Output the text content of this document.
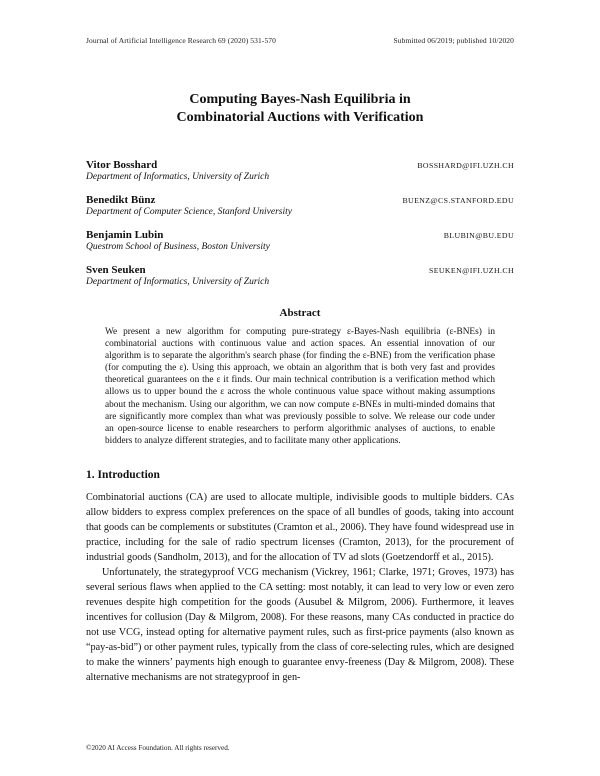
Journal of Artificial Intelligence Research 69 (2020) 531-570	Submitted 06/2019; published 10/2020
Computing Bayes-Nash Equilibria in
Combinatorial Auctions with Verification
Vitor Bosshard	BOSSHARD@IFI.UZH.CH
Department of Informatics, University of Zurich
Benedikt Bünz	BUENZ@CS.STANFORD.EDU
Department of Computer Science, Stanford University
Benjamin Lubin	BLUBIN@BU.EDU
Questrom School of Business, Boston University
Sven Seuken	SEUKEN@IFI.UZH.CH
Department of Informatics, University of Zurich
Abstract
We present a new algorithm for computing pure-strategy ε-Bayes-Nash equilibria (ε-BNEs) in combinatorial auctions with continuous value and action spaces. An essential innovation of our algorithm is to separate the algorithm's search phase (for finding the ε-BNE) from the verification phase (for computing the ε). Using this approach, we obtain an algorithm that is both very fast and provides theoretical guarantees on the ε it finds. Our main technical contribution is a verification method which allows us to upper bound the ε across the whole continuous value space without making assumptions about the mechanism. Using our algorithm, we can now compute ε-BNEs in multi-minded domains that are significantly more complex than what was previously possible to solve. We release our code under an open-source license to enable researchers to perform algorithmic analyses of auctions, to enable bidders to analyze different strategies, and to facilitate many other applications.
1. Introduction
Combinatorial auctions (CA) are used to allocate multiple, indivisible goods to multiple bidders. CAs allow bidders to express complex preferences on the space of all bundles of goods, taking into account that goods can be complements or substitutes (Cramton et al., 2006). They have found widespread use in practice, including for the sale of radio spectrum licenses (Cramton, 2013), for the procurement of industrial goods (Sandholm, 2013), and for the allocation of TV ad slots (Goetzendorff et al., 2015).
Unfortunately, the strategyproof VCG mechanism (Vickrey, 1961; Clarke, 1971; Groves, 1973) has several serious flaws when applied to the CA setting: most notably, it can lead to very low or even zero revenues despite high competition for the goods (Ausubel & Milgrom, 2006). Furthermore, it leaves incentives for collusion (Day & Milgrom, 2008). For these reasons, many CAs conducted in practice do not use VCG, instead opting for alternative payment rules, such as first-price payments (also known as “pay-as-bid”) or other payment rules, typically from the class of core-selecting rules, which are designed to make the winners’ payments high enough to guarantee envy-freeness (Day & Milgrom, 2008). These alternative mechanisms are not strategyproof in gen-
©2020 AI Access Foundation. All rights reserved.
